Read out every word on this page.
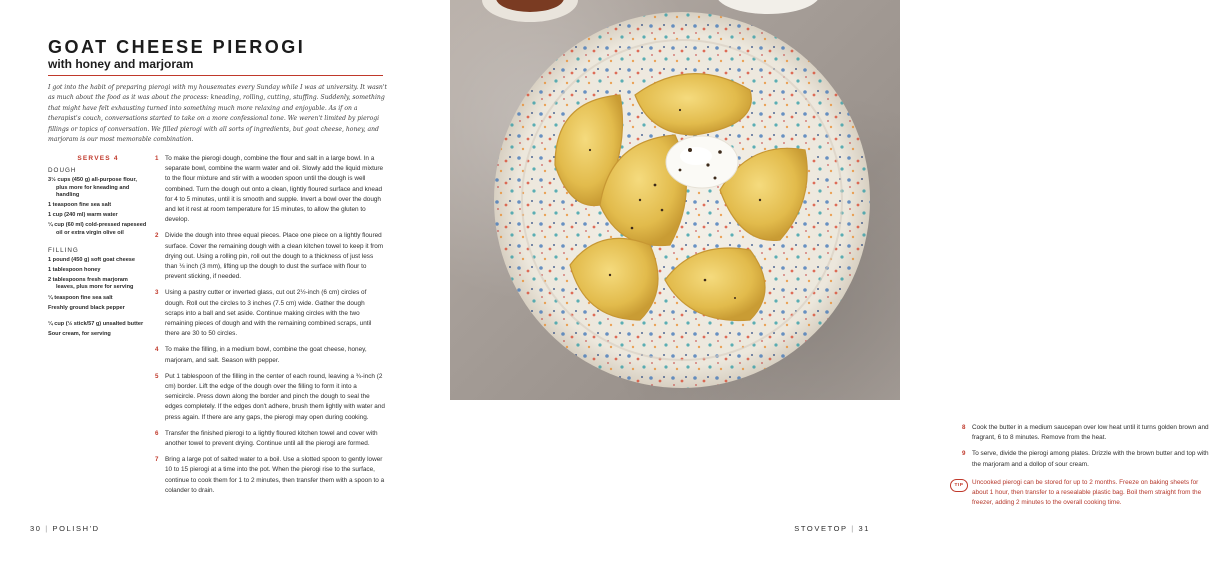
GOAT CHEESE PIEROGI
with honey and marjoram

I got into the habit of preparing pierogi with my housemates every Sunday while I was at university. It wasn't as much about the food as it was about the process: kneading, rolling, cutting, stuffing. Suddenly, something that might have felt exhausting turned into something much more relaxing and enjoyable. As if on a therapist's couch, conversations started to take on a more confessional tone. We weren't limited by pierogi fillings or topics of conversation. We filled pierogi with all sorts of ingredients, but goat cheese, honey, and marjoram is our most memorable combination.

SERVES 4

DOUGH

3½ cups (450 g) all-purpose flour, plus more for kneading and handling
1 teaspoon fine sea salt
1 cup (240 ml) warm water
¼ cup (60 ml) cold-pressed rapeseed oil or extra virgin olive oil

FILLING

1 pound (450 g) soft goat cheese
1 tablespoon honey
2 tablespoons fresh marjoram leaves, plus more for serving
¼ teaspoon fine sea salt
Freshly ground black pepper
¼ cup (½ stick/57 g) unsalted butter
Sour cream, for serving
1 To make the pierogi dough, combine the flour and salt in a large bowl. In a separate bowl, combine the warm water and oil. Slowly add the liquid mixture to the flour mixture and stir with a wooden spoon until the dough is well combined. Turn the dough out onto a clean, lightly floured surface and knead for 4 to 5 minutes, until it is smooth and supple. Invert a bowl over the dough and let it rest at room temperature for 15 minutes, to allow the gluten to develop.
2 Divide the dough into three equal pieces. Place one piece on a lightly floured surface. Cover the remaining dough with a clean kitchen towel to keep it from drying out. Using a rolling pin, roll out the dough to a thickness of just less than ⅛ inch (3 mm), lifting up the dough to dust the surface with flour to prevent sticking, if needed.
3 Using a pastry cutter or inverted glass, cut out 2½-inch (6 cm) circles of dough. Roll out the circles to 3 inches (7.5 cm) wide. Gather the dough scraps into a ball and set aside. Continue making circles with the two remaining pieces of dough and with the remaining combined scraps, until there are 30 to 50 circles.
4 To make the filling, in a medium bowl, combine the goat cheese, honey, marjoram, and salt. Season with pepper.
5 Put 1 tablespoon of the filling in the center of each round, leaving a ¾-inch (2 cm) border. Lift the edge of the dough over the filling to form it into a semicircle. Press down along the border and pinch the dough to seal the edges completely. If the edges don't adhere, brush them lightly with water and press again. If there are any gaps, the pierogi may open during cooking.
6 Transfer the finished pierogi to a lightly floured kitchen towel and cover with another towel to prevent drying. Continue until all the pierogi are formed.
7 Bring a large pot of salted water to a boil. Use a slotted spoon to gently lower 10 to 15 pierogi at a time into the pot. When the pierogi rise to the surface, continue to cook them for 1 to 2 minutes, then transfer them with a spoon to a colander to drain.

30 | POLISH'D

8 Cook the butter in a medium saucepan over low heat until it turns golden brown and fragrant, 6 to 8 minutes. Remove from the heat.
9 To serve, divide the pierogi among plates. Drizzle with the brown butter and top with the marjoram and a dollop of sour cream.
TIP	Uncooked pierogi can be stored for up to 2 months. Freeze on baking sheets for about 1 hour, then transfer to a resealable plastic bag. Boil them straight from the freezer, adding 2 minutes to the overall cooking time.

STOVETOP | 31
